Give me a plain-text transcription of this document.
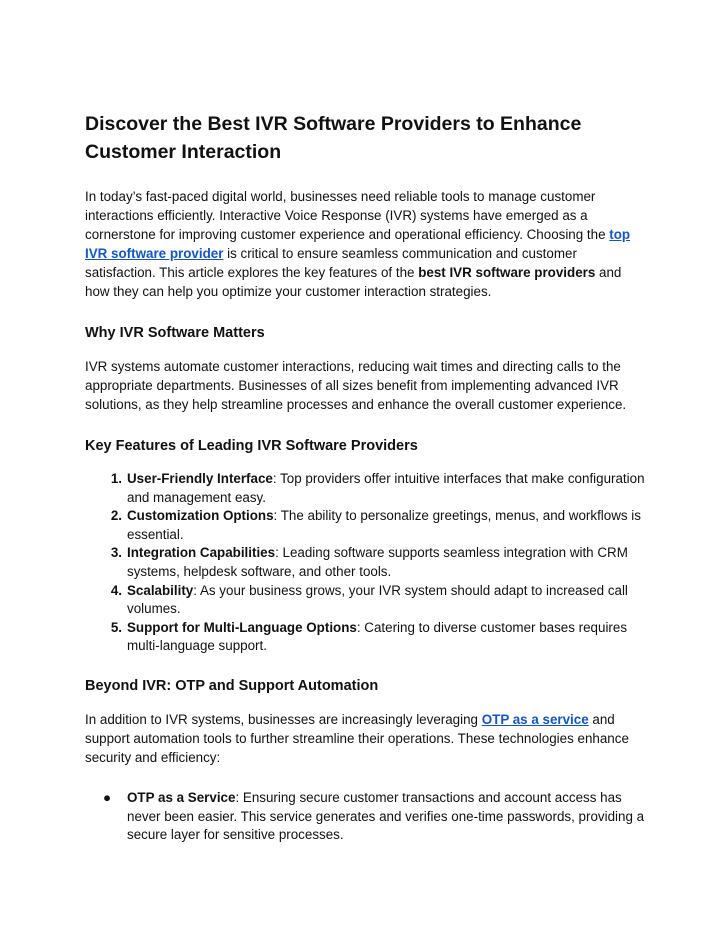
Discover the Best IVR Software Providers to Enhance Customer Interaction

In today’s fast-paced digital world, businesses need reliable tools to manage customer interactions efficiently. Interactive Voice Response (IVR) systems have emerged as a cornerstone for improving customer experience and operational efficiency. Choosing the top IVR software provider is critical to ensure seamless communication and customer satisfaction. This article explores the key features of the best IVR software providers and how they can help you optimize your customer interaction strategies.

Why IVR Software Matters

IVR systems automate customer interactions, reducing wait times and directing calls to the appropriate departments. Businesses of all sizes benefit from implementing advanced IVR solutions, as they help streamline processes and enhance the overall customer experience.

Key Features of Leading IVR Software Providers
1. User-Friendly Interface: Top providers offer intuitive interfaces that make configuration and management easy.
2. Customization Options: The ability to personalize greetings, menus, and workflows is essential.
3. Integration Capabilities: Leading software supports seamless integration with CRM systems, helpdesk software, and other tools.
4. Scalability: As your business grows, your IVR system should adapt to increased call volumes.
5. Support for Multi-Language Options: Catering to diverse customer bases requires multi-language support.
Beyond IVR: OTP and Support Automation

In addition to IVR systems, businesses are increasingly leveraging OTP as a service and support automation tools to further streamline their operations. These technologies enhance security and efficiency:

● OTP as a Service: Ensuring secure customer transactions and account access has never been easier. This service generates and verifies one-time passwords, providing a secure layer for sensitive processes.
